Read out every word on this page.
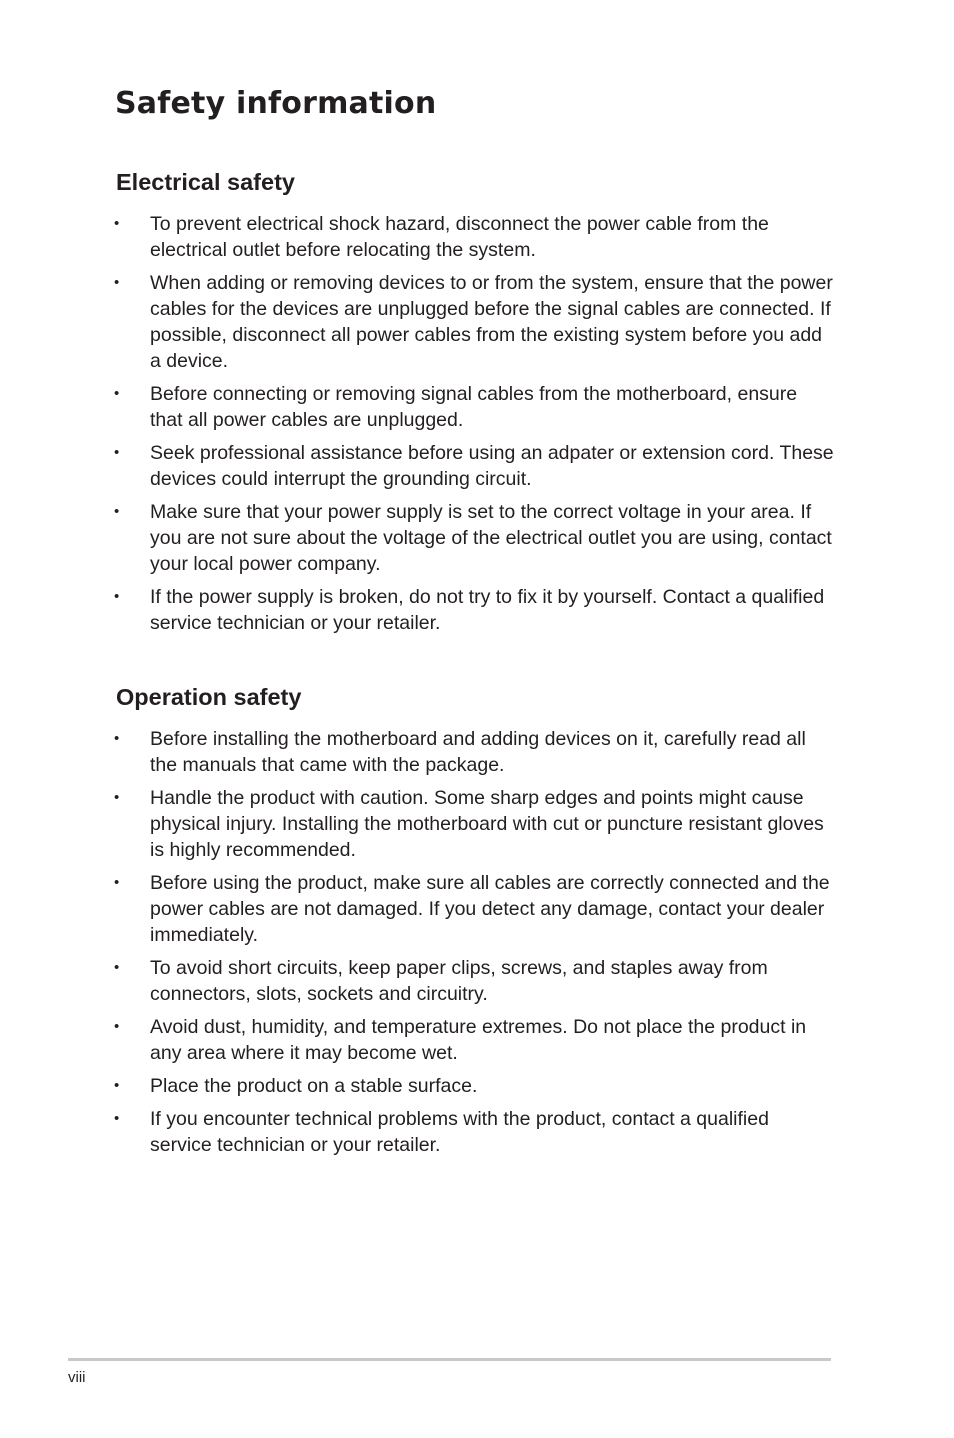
Safety information
Electrical safety
• To prevent electrical shock hazard, disconnect the power cable from the electrical outlet before relocating the system.
• When adding or removing devices to or from the system, ensure that the power cables for the devices are unplugged before the signal cables are connected. If possible, disconnect all power cables from the existing system before you add a device.
• Before connecting or removing signal cables from the motherboard, ensure that all power cables are unplugged.
• Seek professional assistance before using an adpater or extension cord. These devices could interrupt the grounding circuit.
• Make sure that your power supply is set to the correct voltage in your area. If you are not sure about the voltage of the electrical outlet you are using, contact your local power company.
• If the power supply is broken, do not try to fix it by yourself. Contact a qualified service technician or your retailer.
Operation safety
• Before installing the motherboard and adding devices on it, carefully read all the manuals that came with the package.
• Handle the product with caution. Some sharp edges and points might cause physical injury. Installing the motherboard with cut or puncture resistant gloves is highly recommended.
• Before using the product, make sure all cables are correctly connected and the power cables are not damaged. If you detect any damage, contact your dealer immediately.
• To avoid short circuits, keep paper clips, screws, and staples away from connectors, slots, sockets and circuitry.
• Avoid dust, humidity, and temperature extremes. Do not place the product in any area where it may become wet.
• Place the product on a stable surface.
• If you encounter technical problems with the product, contact a qualified service technician or your retailer.
viii
